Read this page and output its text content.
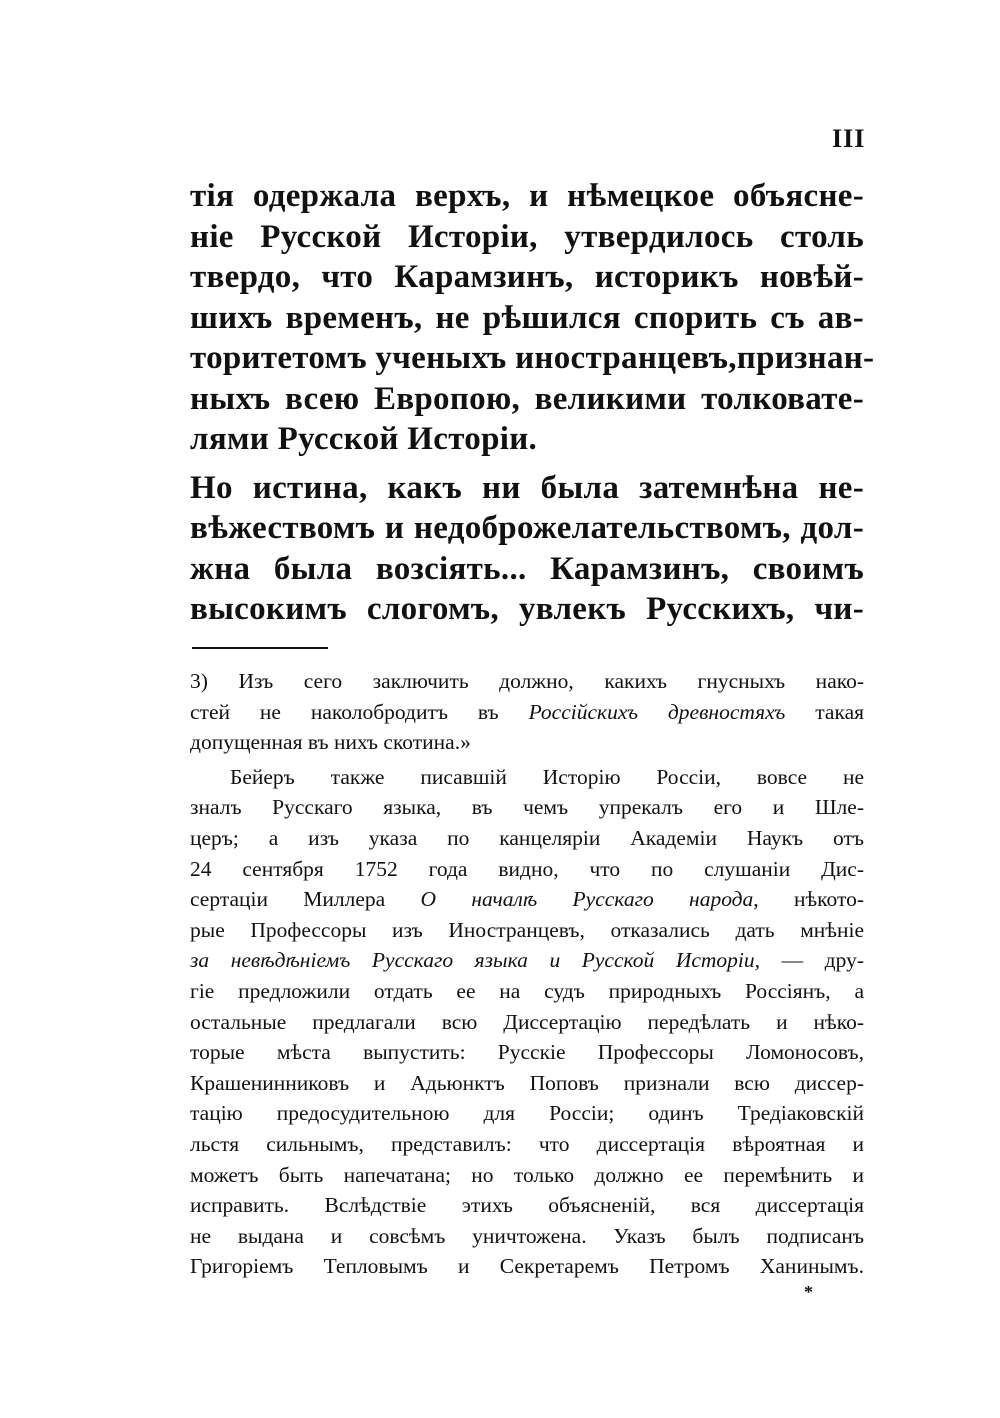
III
тія одержала верхъ, и нѣмецкое объясне-
ніе Русской Исторіи, утвердилось столь
твердо, что Карамзинъ, историкъ новѣй-
шихъ временъ, не рѣшился спорить съ ав-
торитетомъ ученыхъ иностранцевъ,признан-
ныхъ всею Европою, великими толковате-
лями Русской Исторіи.
Но истина, какъ ни была затемнѣна не-
вѣжествомъ и недоброжелательствомъ, дол-
жна была возсіять... Карамзинъ, своимъ
высокимъ слогомъ, увлекъ Русскихъ, чи-
3) Изъ сего заключить должно, какихъ гнусныхъ нако-
стей не наколобродитъ въ Россійскихъ древностяхъ такая
допущенная въ нихъ скотина.»
Бейеръ также писавшій Исторію Россіи, вовсе не
зналъ Русскаго языка, въ чемъ упрекалъ его и Шле-
церъ; а изъ указа по канцеляріи Академіи Наукъ отъ
24 сентября 1752 года видно, что по слушаніи Дис-
сертаціи Миллера О началѣ Русскаго народа, нѣкото-
рые Профессоры изъ Иностранцевъ, отказались дать мнѣніе
за невѣдѣніемъ Русскаго языка и Русской Исторіи, — дру-
гіе предложили отдать ее на судъ природныхъ Россіянъ, а
остальные предлагали всю Диссертацію передѣлать и нѣко-
торые мѣста выпустить: Русскіе Профессоры Ломоносовъ,
Крашенинниковъ и Адьюнктъ Поповъ признали всю диссер-
тацію предосудительною для Россіи; одинъ Тредіаковскій
льстя сильнымъ, представилъ: что диссертація вѣроятная и
можетъ быть напечатана; но только должно ее перемѣнить и
исправить. Вслѣдствіе этихъ объясненій, вся диссертація
не выдана и совсѣмъ уничтожена. Указъ былъ подписанъ
Григоріемъ Тепловымъ и Секретаремъ Петромъ Ханинымъ.
*
